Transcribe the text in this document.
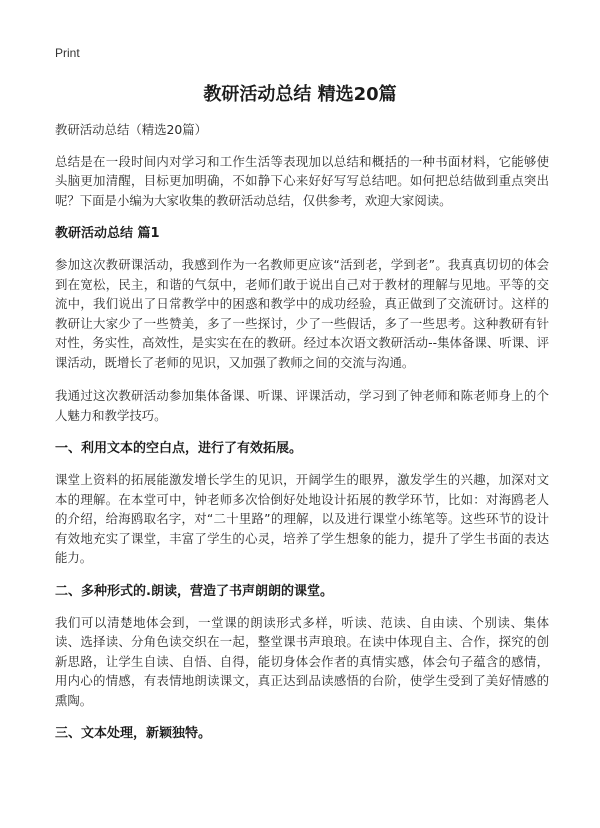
Print
教研活动总结 精选20篇
教研活动总结（精选20篇）

总结是在一段时间内对学习和工作生活等表现加以总结和概括的一种书面材料，它能够使头脑更加清醒，目标更加明确，不如静下心来好好写写总结吧。如何把总结做到重点突出呢？下面是小编为大家收集的教研活动总结，仅供参考，欢迎大家阅读。

教研活动总结 篇1

参加这次教研课活动，我感到作为一名教师更应该“活到老，学到老”。我真真切切的体会到在宽松，民主，和谐的气氛中，老师们敢于说出自己对于教材的理解与见地。平等的交流中，我们说出了日常教学中的困惑和教学中的成功经验，真正做到了交流研讨。这样的教研让大家少了一些赞美，多了一些探讨，少了一些假话，多了一些思考。这种教研有针对性，务实性，高效性，是实实在在的教研。经过本次语文教研活动--集体备课、听课、评课活动，既增长了老师的见识，又加强了教师之间的交流与沟通。

我通过这次教研活动参加集体备课、听课、评课活动，学习到了钟老师和陈老师身上的个人魅力和教学技巧。

一、利用文本的空白点，进行了有效拓展。

课堂上资料的拓展能激发增长学生的见识，开阔学生的眼界，激发学生的兴趣，加深对文本的理解。在本堂可中，钟老师多次恰倒好处地设计拓展的教学环节，比如：对海鸥老人的介绍，给海鸥取名字，对“二十里路”的理解，以及进行课堂小练笔等。这些环节的设计有效地充实了课堂，丰富了学生的心灵，培养了学生想象的能力，提升了学生书面的表达能力。

二、多种形式的.朗读，营造了书声朗朗的课堂。

我们可以清楚地体会到，一堂课的朗读形式多样，听读、范读、自由读、个别读、集体读、选择读、分角色读交织在一起，整堂课书声琅琅。在读中体现自主、合作，探究的创新思路，让学生自读、自悟、自得，能切身体会作者的真情实感，体会句子蕴含的感情，用内心的情感，有表情地朗读课文，真正达到品读感悟的台阶，使学生受到了美好情感的熏陶。

三、文本处理，新颖独特。
